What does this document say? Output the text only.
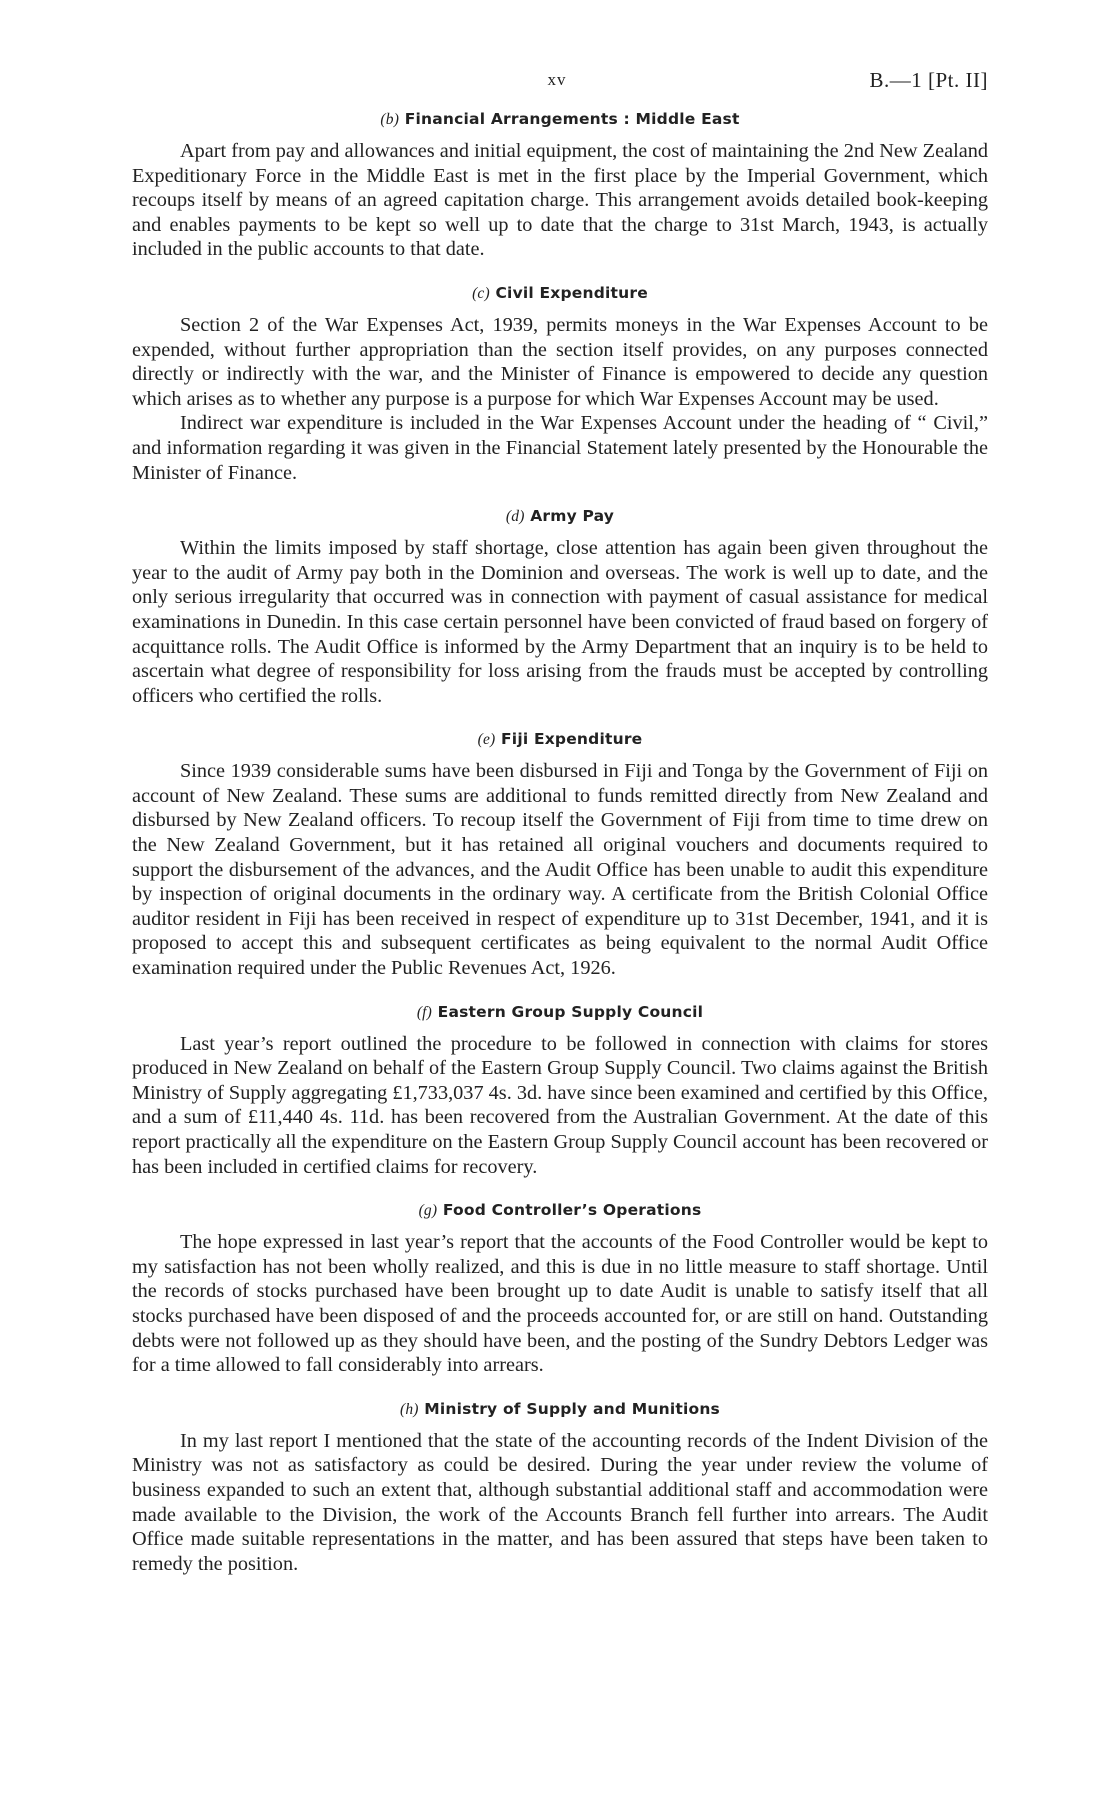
xv	B.—1 [Pt. II]
(b) Financial Arrangements : Middle East

Apart from pay and allowances and initial equipment, the cost of maintaining the 2nd New Zealand Expeditionary Force in the Middle East is met in the first place by the Imperial Government, which recoups itself by means of an agreed capitation charge. This arrangement avoids detailed book-keeping and enables payments to be kept so well up to date that the charge to 31st March, 1943, is actually included in the public accounts to that date.

(c) Civil Expenditure

Section 2 of the War Expenses Act, 1939, permits moneys in the War Expenses Account to be expended, without further appropriation than the section itself provides, on any purposes connected directly or indirectly with the war, and the Minister of Finance is empowered to decide any question which arises as to whether any purpose is a purpose for which War Expenses Account may be used.

Indirect war expenditure is included in the War Expenses Account under the heading of “ Civil,” and information regarding it was given in the Financial Statement lately presented by the Honourable the Minister of Finance.

(d) Army Pay

Within the limits imposed by staff shortage, close attention has again been given throughout the year to the audit of Army pay both in the Dominion and overseas. The work is well up to date, and the only serious irregularity that occurred was in connection with payment of casual assistance for medical examinations in Dunedin. In this case certain personnel have been convicted of fraud based on forgery of acquittance rolls. The Audit Office is informed by the Army Department that an inquiry is to be held to ascertain what degree of responsibility for loss arising from the frauds must be accepted by controlling officers who certified the rolls.

(e) Fiji Expenditure

Since 1939 considerable sums have been disbursed in Fiji and Tonga by the Government of Fiji on account of New Zealand. These sums are additional to funds remitted directly from New Zealand and disbursed by New Zealand officers. To recoup itself the Government of Fiji from time to time drew on the New Zealand Government, but it has retained all original vouchers and documents required to support the disbursement of the advances, and the Audit Office has been unable to audit this expenditure by inspection of original documents in the ordinary way. A certificate from the British Colonial Office auditor resident in Fiji has been received in respect of expenditure up to 31st December, 1941, and it is proposed to accept this and subsequent certificates as being equivalent to the normal Audit Office examination required under the Public Revenues Act, 1926.

(f) Eastern Group Supply Council

Last year’s report outlined the procedure to be followed in connection with claims for stores produced in New Zealand on behalf of the Eastern Group Supply Council. Two claims against the British Ministry of Supply aggregating £1,733,037 4s. 3d. have since been examined and certified by this Office, and a sum of £11,440 4s. 11d. has been recovered from the Australian Government. At the date of this report practically all the expenditure on the Eastern Group Supply Council account has been recovered or has been included in certified claims for recovery.

(g) Food Controller’s Operations

The hope expressed in last year’s report that the accounts of the Food Controller would be kept to my satisfaction has not been wholly realized, and this is due in no little measure to staff shortage. Until the records of stocks purchased have been brought up to date Audit is unable to satisfy itself that all stocks purchased have been disposed of and the proceeds accounted for, or are still on hand. Outstanding debts were not followed up as they should have been, and the posting of the Sundry Debtors Ledger was for a time allowed to fall considerably into arrears.

(h) Ministry of Supply and Munitions

In my last report I mentioned that the state of the accounting records of the Indent Division of the Ministry was not as satisfactory as could be desired. During the year under review the volume of business expanded to such an extent that, although substantial additional staff and accommodation were made available to the Division, the work of the Accounts Branch fell further into arrears. The Audit Office made suitable representations in the matter, and has been assured that steps have been taken to remedy the position.
